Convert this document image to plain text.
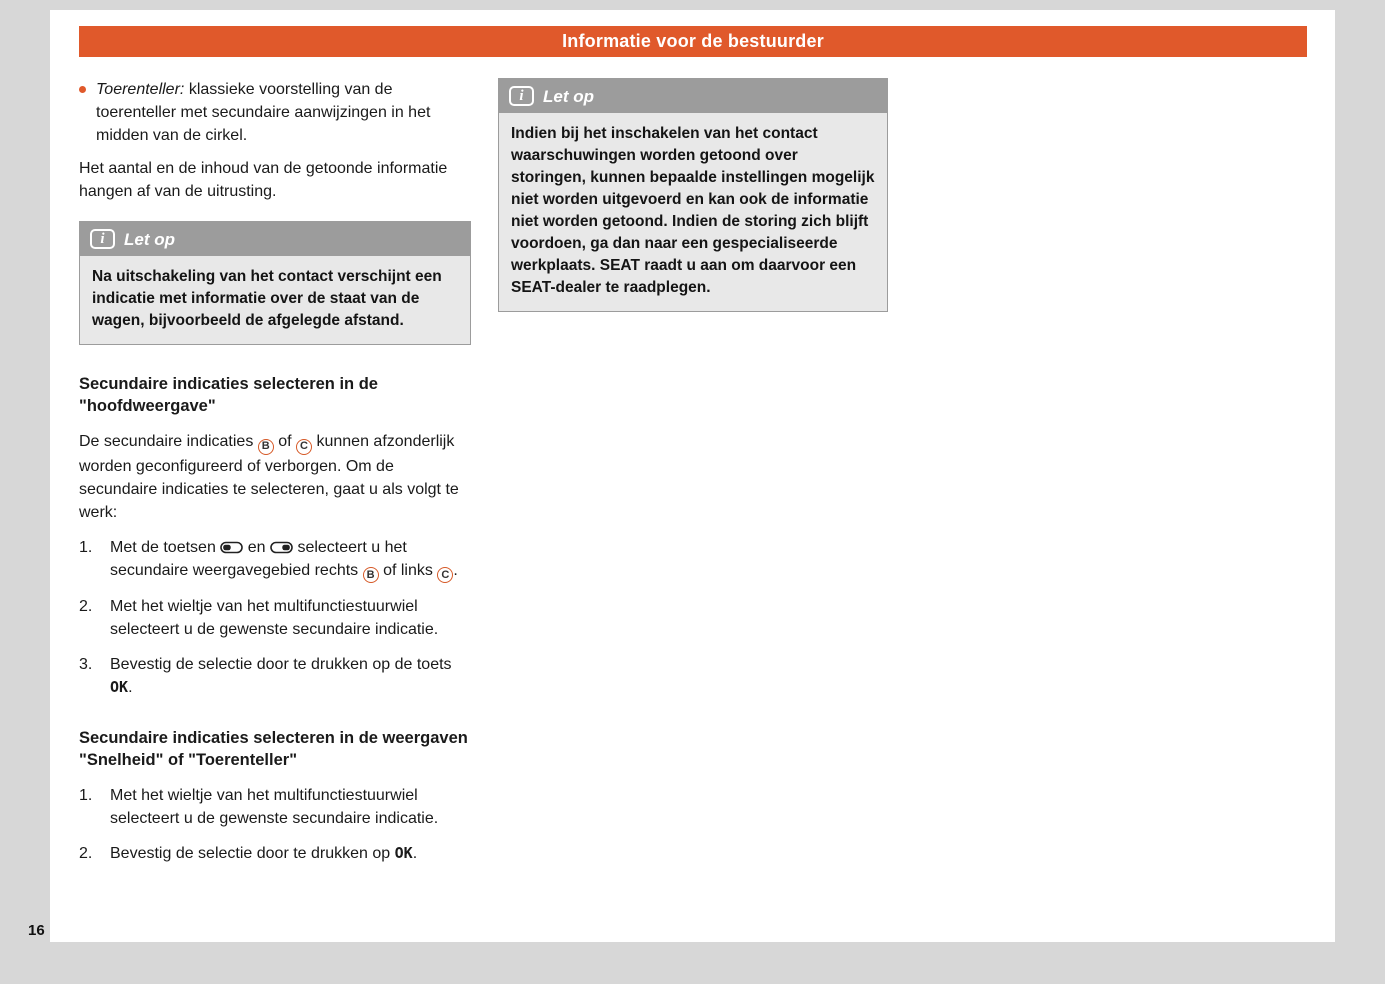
Informatie voor de bestuurder
Toerenteller: klassieke voorstelling van de toerenteller met secundaire aanwijzingen in het midden van de cirkel.
Het aantal en de inhoud van de getoonde informatie hangen af van de uitrusting.
i	Let op
Na uitschakeling van het contact verschijnt een indicatie met informatie over de staat van de wagen, bijvoorbeeld de afgelegde afstand.
Secundaire indicaties selecteren in de "hoofdweergave"
De secundaire indicaties B of C kunnen afzonderlijk worden geconfigureerd of verborgen. Om de secundaire indicaties te selecteren, gaat u als volgt te werk:
1.	Met de toetsen en selecteert u het secundaire weergavegebied rechts B of links C .
2.	Met het wieltje van het multifunctiestuurwiel selecteert u de gewenste secundaire indicatie.
3.	Bevestig de selectie door te drukken op de toets OK.
Secundaire indicaties selecteren in de weergaven "Snelheid" of "Toerenteller"
1.	Met het wieltje van het multifunctiestuurwiel selecteert u de gewenste secundaire indicatie.
2.	Bevestig de selectie door te drukken op OK.
i	Let op
Indien bij het inschakelen van het contact waarschuwingen worden getoond over storingen, kunnen bepaalde instellingen mogelijk niet worden uitgevoerd en kan ook de informatie niet worden getoond. Indien de storing zich blijft voordoen, ga dan naar een gespecialiseerde werkplaats. SEAT raadt u aan om daarvoor een SEAT-dealer te raadplegen.
16
